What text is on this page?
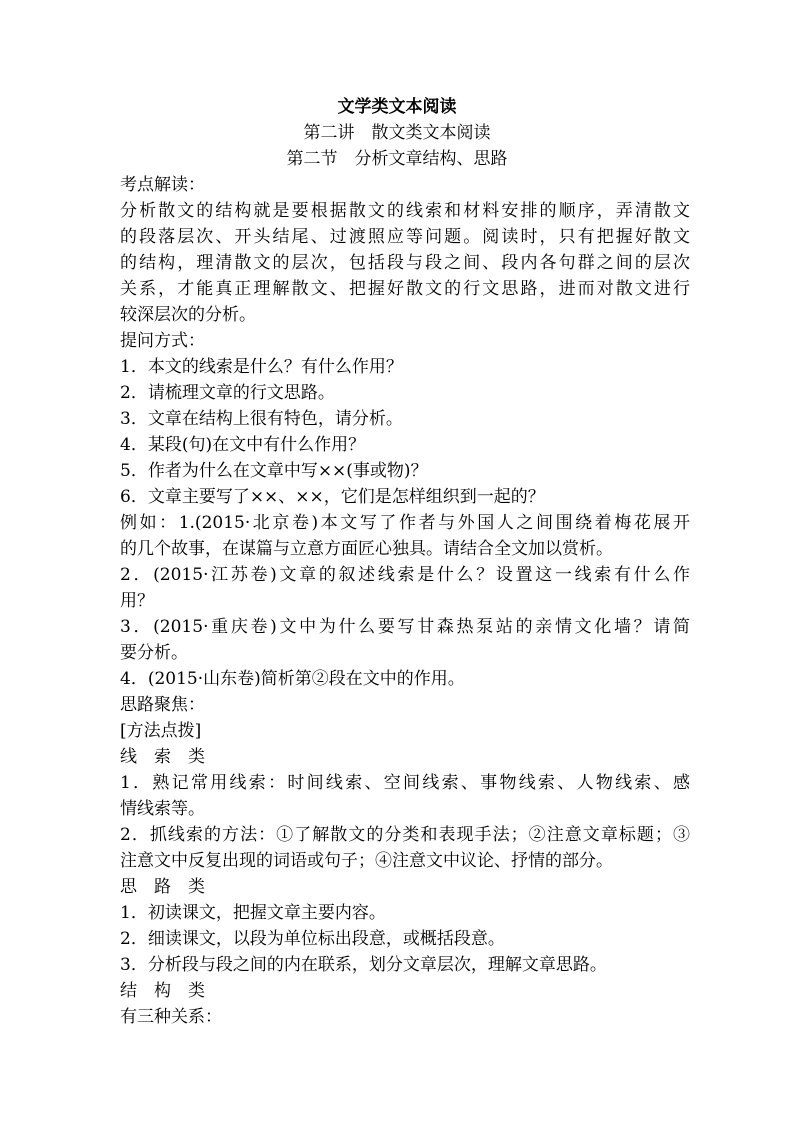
文学类文本阅读
第二讲　散文类文本阅读
第二节　分析文章结构、思路
考点解读：
分析散文的结构就是要根据散文的线索和材料安排的顺序，弄清散文
的段落层次、开头结尾、过渡照应等问题。阅读时，只有把握好散文
的结构，理清散文的层次，包括段与段之间、段内各句群之间的层次
关系，才能真正理解散文、把握好散文的行文思路，进而对散文进行
较深层次的分析。
提问方式：
1．本文的线索是什么？有什么作用？
2．请梳理文章的行文思路。
3．文章在结构上很有特色，请分析。
4．某段(句)在文中有什么作用？
5．作者为什么在文章中写××(事或物)？
6．文章主要写了××、××，它们是怎样组织到一起的？
例如：1.(2015·北京卷)本文写了作者与外国人之间围绕着梅花展开
的几个故事，在谋篇与立意方面匠心独具。请结合全文加以赏析。
2．(2015·江苏卷)文章的叙述线索是什么？设置这一线索有什么作
用？
3．(2015·重庆卷)文中为什么要写甘森热泵站的亲情文化墙？请简
要分析。
4．(2015·山东卷)简析第②段在文中的作用。
思路聚焦：
[方法点拨]
线　索　类
1．熟记常用线索：时间线索、空间线索、事物线索、人物线索、感
情线索等。
2．抓线索的方法：①了解散文的分类和表现手法；②注意文章标题；③
注意文中反复出现的词语或句子；④注意文中议论、抒情的部分。
思　路　类
1．初读课文，把握文章主要内容。
2．细读课文，以段为单位标出段意，或概括段意。
3．分析段与段之间的内在联系，划分文章层次，理解文章思路。
结　构　类
有三种关系：
